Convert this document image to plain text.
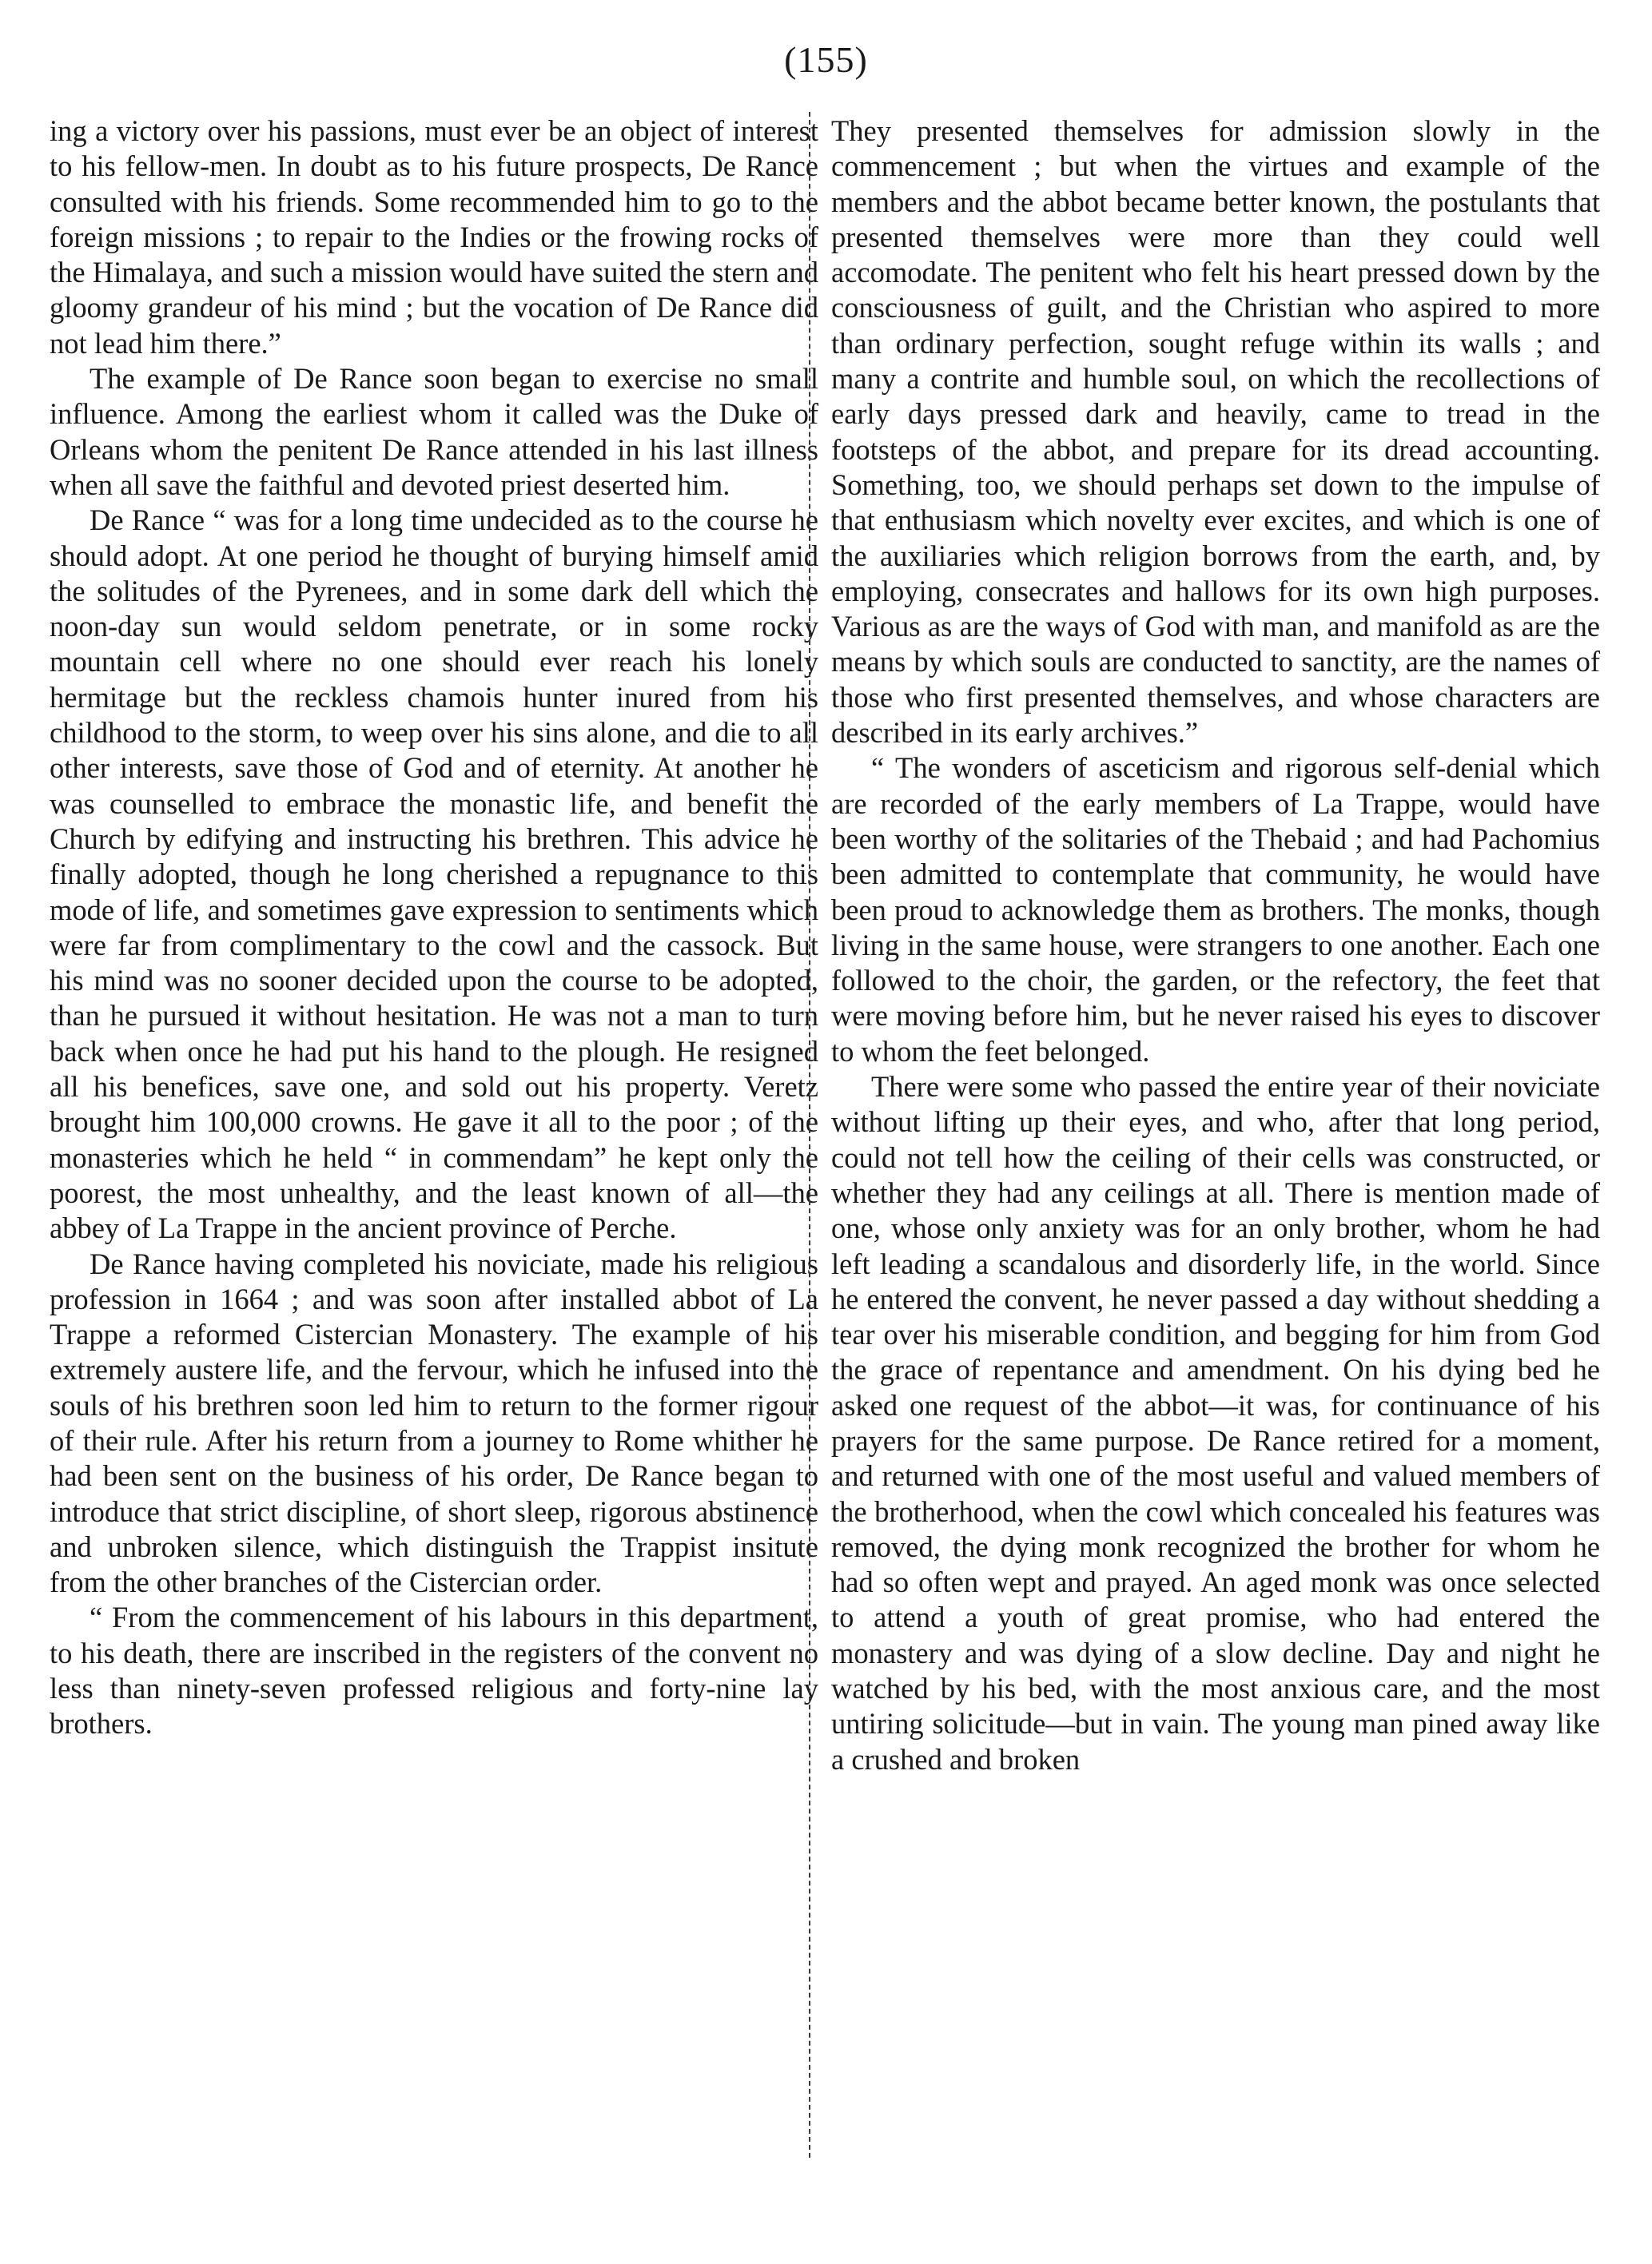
(155)

ing a victory over his passions, must ever be an object of interest to his fellow-men. In doubt as to his future prospects, De Rance consulted with his friends. Some recommended him to go to the foreign missions ; to repair to the Indies or the frowing rocks of the Himalaya, and such a mission would have suited the stern and gloomy grandeur of his mind ; but the vocation of De Rance did not lead him there.”

The example of De Rance soon began to exercise no small influence. Among the earliest whom it called was the Duke of Orleans whom the penitent De Rance attended in his last illness when all save the faithful and devoted priest deserted him.

De Rance “ was for a long time undecided as to the course he should adopt. At one period he thought of burying himself amid the solitudes of the Pyrenees, and in some dark dell which the noon-day sun would seldom penetrate, or in some rocky mountain cell where no one should ever reach his lonely hermitage but the reckless chamois hunter inured from his childhood to the storm, to weep over his sins alone, and die to all other interests, save those of God and of eternity. At another he was counselled to embrace the monastic life, and benefit the Church by edifying and instructing his brethren. This advice he finally adopted, though he long cherished a repugnance to this mode of life, and sometimes gave expression to sentiments which were far from complimentary to the cowl and the cassock. But his mind was no sooner decided upon the course to be adopted, than he pursued it without hesitation. He was not a man to turn back when once he had put his hand to the plough. He resigned all his benefices, save one, and sold out his property. Veretz brought him 100,000 crowns. He gave it all to the poor ; of the monasteries which he held “ in commendam” he kept only the poorest, the most unhealthy, and the least known of all—the abbey of La Trappe in the ancient province of Perche.

De Rance having completed his noviciate, made his religious profession in 1664 ; and was soon after installed abbot of La Trappe a reformed Cistercian Monastery. The example of his extremely austere life, and the fervour, which he infused into the souls of his brethren soon led him to return to the former rigour of their rule. After his return from a journey to Rome whither he had been sent on the business of his order, De Rance began to introduce that strict discipline, of short sleep, rigorous abstinence and unbroken silence, which distinguish the Trappist insitute from the other branches of the Cistercian order.

“ From the commencement of his labours in this department, to his death, there are inscribed in the registers of the convent no less than ninety-seven professed religious and forty-nine lay brothers.

They presented themselves for admission slowly in the commencement ; but when the virtues and example of the members and the abbot became better known, the postulants that presented themselves were more than they could well accomodate. The penitent who felt his heart pressed down by the consciousness of guilt, and the Christian who aspired to more than ordinary perfection, sought refuge within its walls ; and many a contrite and humble soul, on which the recollections of early days pressed dark and heavily, came to tread in the footsteps of the abbot, and prepare for its dread accounting. Something, too, we should perhaps set down to the impulse of that enthusiasm which novelty ever excites, and which is one of the auxiliaries which religion borrows from the earth, and, by employing, consecrates and hallows for its own high purposes. Various as are the ways of God with man, and manifold as are the means by which souls are conducted to sanctity, are the names of those who first presented themselves, and whose characters are described in its early archives.”

“ The wonders of asceticism and rigorous self-denial which are recorded of the early members of La Trappe, would have been worthy of the solitaries of the Thebaid ; and had Pachomius been admitted to contemplate that community, he would have been proud to acknowledge them as brothers. The monks, though living in the same house, were strangers to one another. Each one followed to the choir, the garden, or the refectory, the feet that were moving before him, but he never raised his eyes to discover to whom the feet belonged.

There were some who passed the entire year of their noviciate without lifting up their eyes, and who, after that long period, could not tell how the ceiling of their cells was constructed, or whether they had any ceilings at all. There is mention made of one, whose only anxiety was for an only brother, whom he had left leading a scandalous and disorderly life, in the world. Since he entered the convent, he never passed a day without shedding a tear over his miserable condition, and begging for him from God the grace of repentance and amendment. On his dying bed he asked one request of the abbot—it was, for continuance of his prayers for the same purpose. De Rance retired for a moment, and returned with one of the most useful and valued members of the brotherhood, when the cowl which concealed his features was removed, the dying monk recognized the brother for whom he had so often wept and prayed. An aged monk was once selected to attend a youth of great promise, who had entered the monastery and was dying of a slow decline. Day and night he watched by his bed, with the most anxious care, and the most untiring solicitude—but in vain. The young man pined away like a crushed and broken
